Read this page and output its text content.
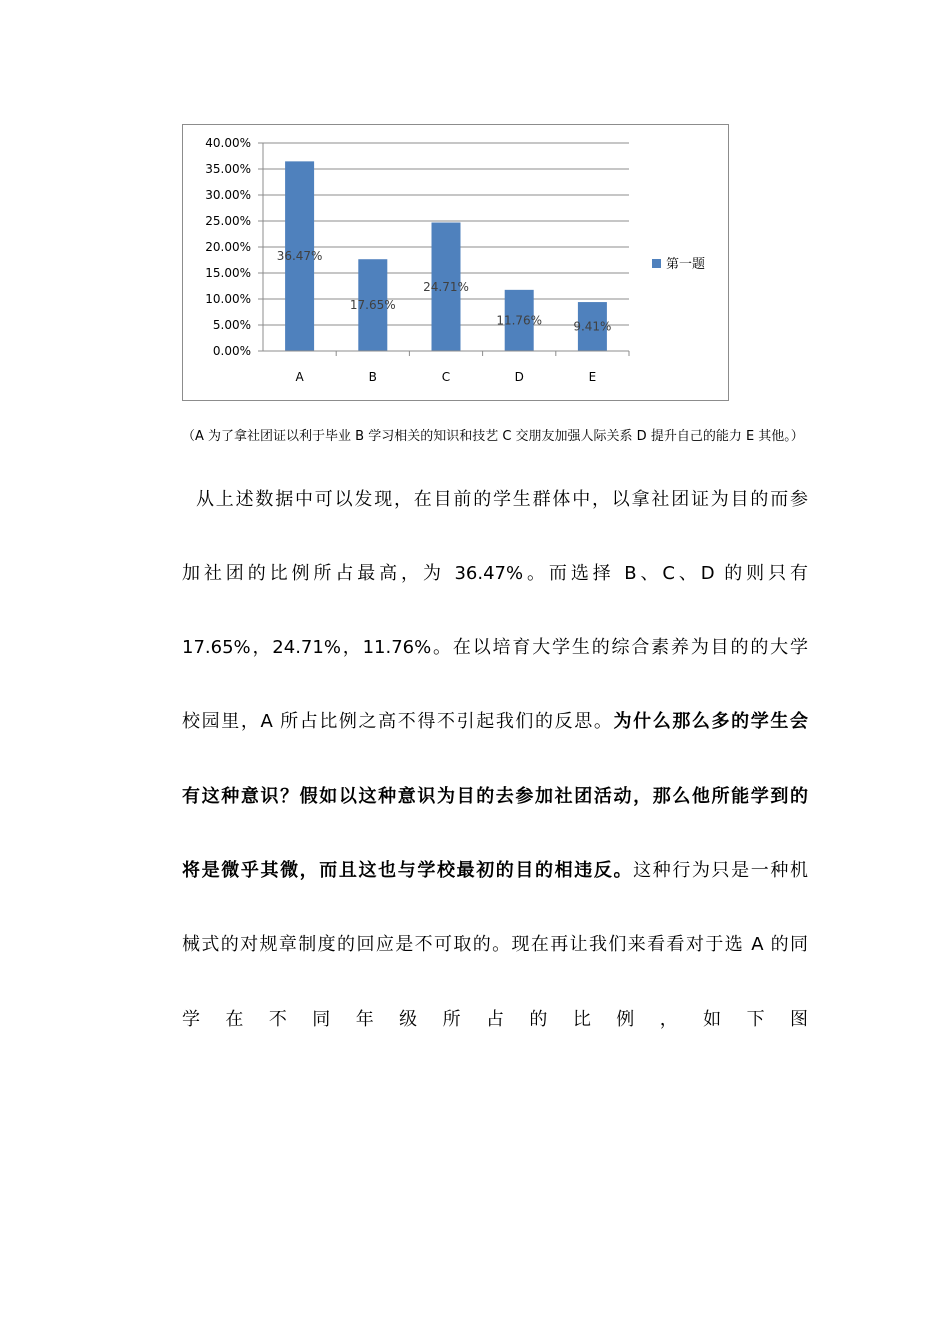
0.00%
5.00%
10.00%
15.00%
20.00%
25.00%
30.00%
35.00%
40.00%
A
36.47%
B
17.65%
C
24.71%
D
11.76%
E
9.41%
第一题
（A 为了拿社团证以利于毕业 B 学习相关的知识和技艺 C 交朋友加强人际关系 D 提升自己的能力 E 其他。）
从上述数据中可以发现，在目前的学生群体中，以拿社团证为目的而参
加社团的比例所占最高，为 36.47%。而选择 B、C、D 的则只有
17.65%，24.71%，11.76%。在以培育大学生的综合素养为目的的大学
校园里，A 所占比例之高不得不引起我们的反思。为什么那么多的学生会
有这种意识？假如以这种意识为目的去参加社团活动，那么他所能学到的
将是微乎其微，而且这也与学校最初的目的相违反。这种行为只是一种机
械式的对规章制度的回应是不可取的。现在再让我们来看看对于选 A 的同
学在不同年级所占的比例，如下图
